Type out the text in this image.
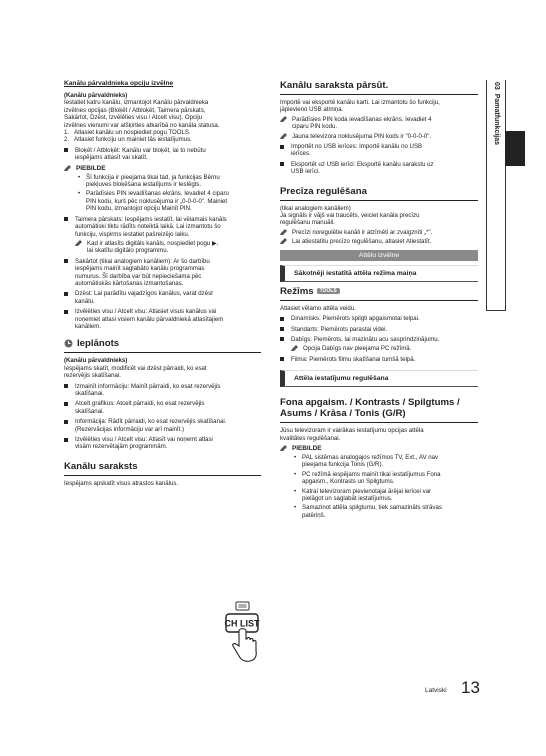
03  Pamatfunkcijas
Kanālu pārvaldnieka opciju izvēlne
(Kanālu pārvaldnieks)
Iestatiet katru kanālu, izmantojot Kanālu pārvaldnieka
izvēlnes opcijas (Bloķēt / Atbloķēt, Taimera pārskats,
Sakārtot, Dzēst, Izvēlēties visu / Atcelt visu). Opciju
izvēlnes vienumi var atšķirties atkarībā no kanāla statusa.
1. Atlasiet kanālu un nospiediet pogu TOOLS.
2. Atlasiet funkciju un mainiet tās iestatījumus.
Bloķēt / Atbloķēt: Kanālu var bloķēt, lai to nebūtu
iespējams atlasīt vai skatīt.
PIEBILDE
• Šī funkcija ir pieejama tikai tad, ja funkcijas Bērnu
piekļuves bloķēšana iestatījums ir Ieslēgts.
• Parādīsies PIN ievadīšanas ekrāns. Ievadiet 4 ciparu
PIN kodu, kurš pēc noklusējuma ir „0-0-0-0". Mainiet
PIN kodu, izmantojot opciju Mainīt PIN.
Taimera pārskats: Iespējams iestatīt, lai vēlamais kanāls
automātiski tiktu rādīts noteiktā laikā. Lai izmantotu šo
funkciju, vispirms iestatiet pašreizējo laiku.
Kad ir atlasīts digitāls kanāls, nospiediet pogu ▶,
lai skatītu digitālo programmu.
Sakārtot (tikai analogiem kanāliem): Ar šo darbību
iespējams mainīt saglabāto kanālu programmas
numurus. Šī darbība var būt nepieciešama pēc
automātiskās kārtošanas izmantošanas.
Dzēst: Lai parādītu vajadzīgos kanālus, varat dzēst
kanālu.
Izvēlēties visu / Atcelt visu: Atlasiet visus kanālus vai
noņemiet atlasi visiem kanālu pārvaldniekā atlasītajiem
kanāliem.
Ieplānots
(Kanālu pārvaldnieks)
Iespējams skatīt, modificēt vai dzēst pārraidi, ko esat
rezervējis skatīšanai.
Izmainīt informāciju: Mainīt pārraidi, ko esat rezervējis
skatīšanai.
Atcelt grafikus: Atcelt pārraidi, ko esat rezervējis
skatīšanai.
Informācija: Rādīt pārraidi, ko esat rezervējis skatīšanai.
(Rezervācijas informāciju var arī mainīt.)
Izvēlēties visu / Atcelt visu: Atlasīt vai noņemt atlasi
visām rezervētajām programmām.
Kanālu saraksts
Iespējams apskatīt visus atrastos kanālus.
CH LIST
Kanālu saraksta pārsūt.
Importē vai eksportē kanālu karti. Lai izmantotu šo funkciju,
jāpievieno USB atmiņa.
Parādīsies PIN koda ievadīšanas ekrāns. Ievadiet 4
ciparu PIN kodu.
Jauna televizora noklusējuma PIN kods ir "0-0-0-0".
Importēt no USB ierīces: Importē kanālu no USB
ierīces.
Eksportēt uz USB ierīci: Eksportē kanālu sarakstu uz
USB ierīci.
Precīza regulēšana
(tikai analogiem kanāliem)
Ja signāls ir vājš vai traucēts, veiciet kanāla precīzu
regulēšanu manuāli.
Precīzi noregulētie kanāli ir atzīmēti ar zvaigznīti „*".
Lai atiestatītu precīzo regulēšanu, atlasiet Atiestatīt.
Attēlu izvēlne
Sākotnēji iestatītā attēla režīma maiņa
Režīms	TOOLS
Atlasiet vēlamo attēla veidu.
Dinamisks: Piemērots spilgti apgaismotai telpai.
Standarts: Piemērots parastai videi.
Dabīgs: Piemērots, lai mazinātu acu sasprindzinājumu.
Opcija Dabīgs nav pieejama PC režīmā.
Filma: Piemērots filmu skatīšanai tumšā telpā.
Attēla iestatījumu regulēšana
Fona apgaism. / Kontrasts / Spilgtums /
Asums / Krāsa / Tonis (G/R)
Jūsu televizoram ir vairākas iestatījumu opcijas attēla
kvalitātes regulēšanai.
PIEBILDE
• PAL sistēmas analogajos režīmos TV, Ext., AV nav
pieejama funkcija Tonis (G/R).
• PC režīmā iespējams mainīt tikai iestatījumus Fona
apgaism., Kontrasts un Spilgtums.
• Katrai televizoram pievienotajai ārējai ierīcei var
pielāgot un saglabāt iestatījumus.
• Samazinot attēla spilgtumu, tiek samazināts strāvas
patēriņš.
Latviski 13
